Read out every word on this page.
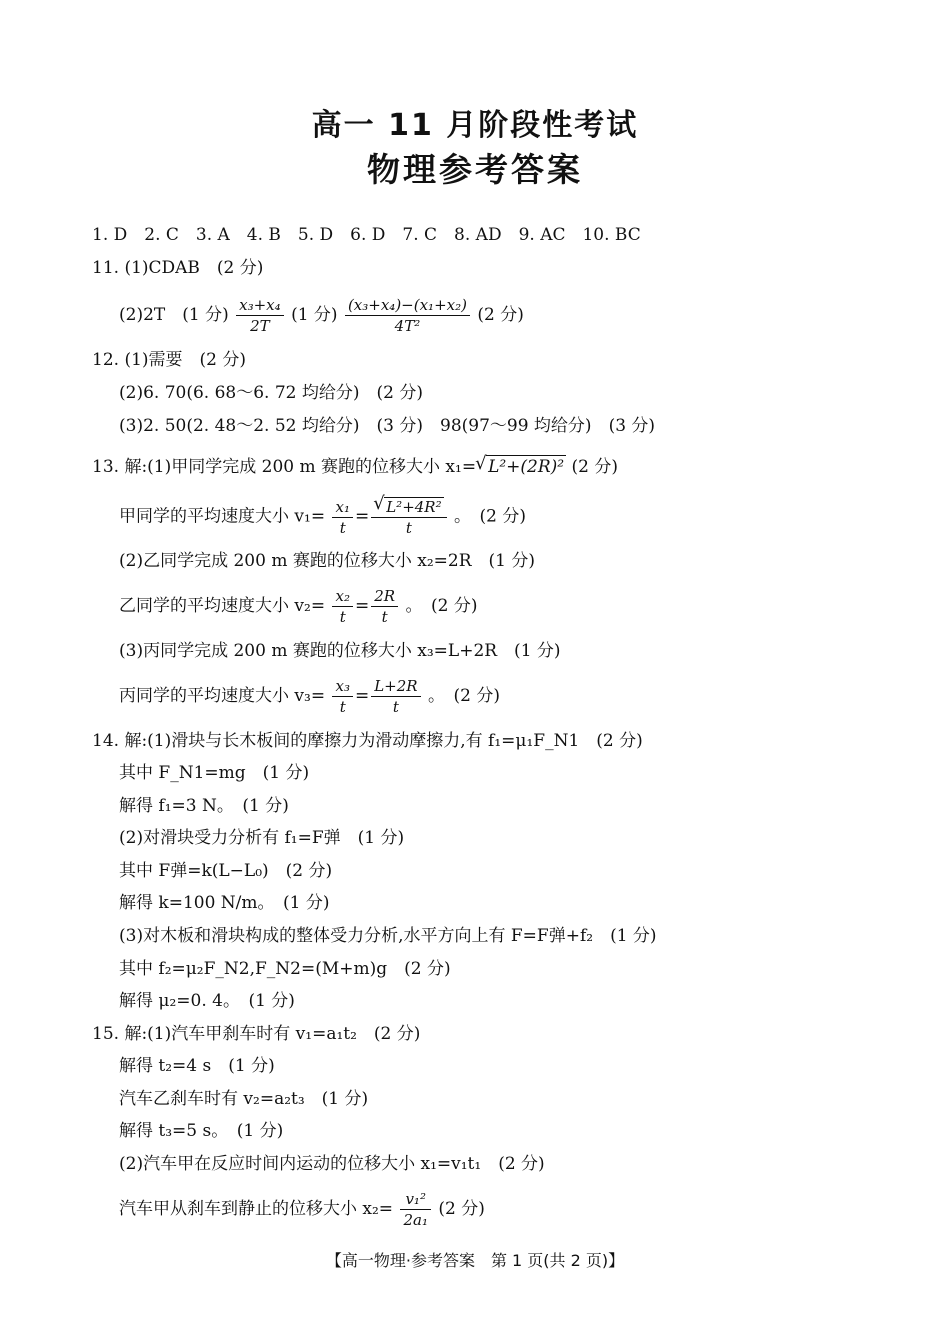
高一 11 月阶段性考试
物理参考答案
1. D　2. C　3. A　4. B　5. D　6. D　7. C　8. AD　9. AC　10. BC
11. (1)CDAB　(2 分)
(2)2T　(1 分) $\frac{\text{x₃+x₄}}{2T} (1$ 分) $\frac{\text{(x₃+x₄)−(x₁+x₂)}}{\text{4T²}} (2$ 分)
12. (1)需要　(2 分)
(2)6. 70(6. 68～6. 72 均给分)　(2 分)
(3)2. 50(2. 48～2. 52 均给分)　(3 分)　98(97～99 均给分)　(3 分)
13. 解:(1)甲同学完成 200 m 赛跑的位移大小 x₁= √ L²+(2R)² (2 分)
甲同学的平均速度大小 $v_1= \frac{\text{x₁}}{t}$ = √ $\frac{\text{L²+4R²}}{t}$ 。　(2 分)
(2)乙同学完成 200 m 赛跑的位移大小 x₂=2R　(1 分)
乙同学的平均速度大小 $v_2= \frac{\text{x₂}}{t} = \frac{2R}{t}$ 。　(2 分)
(3)丙同学完成 200 m 赛跑的位移大小 x₃=L+2R　(1 分)
丙同学的平均速度大小 $v_3= \frac{\text{x₃}}{t} = \frac{L+2R}{t}$ 。　(2 分)
14. 解:(1)滑块与长木板间的摩擦力为滑动摩擦力,有 f₁=μ₁F_N1　(2 分)
其中 F_N1=mg　(1 分)
解得 f₁=3 N。　(1 分)
(2)对滑块受力分析有 f₁=F弹　(1 分)
其中 F弹=k(L−L₀)　(2 分)
解得 k=100 N/m。　(1 分)
(3)对木板和滑块构成的整体受力分析,水平方向上有 F=F弹+f₂　(1 分)
其中 f₂=μ₂F_N2,F_N2=(M+m)g　(2 分)
解得 μ₂=0. 4。　(1 分)
15. 解:(1)汽车甲刹车时有 v₁=a₁t₂　(2 分)
解得 t₂=4 s　(1 分)
汽车乙刹车时有 v₂=a₂t₃　(1 分)
解得 t₃=5 s。　(1 分)
(2)汽车甲在反应时间内运动的位移大小 x₁=v₁t₁　(2 分)
汽车甲从刹车到静止的位移大小 $x_2= \frac{\text{v₁²}}{\text{2a₁}} (2$ 分)
【高一物理·参考答案　第 1 页(共 2 页)】
